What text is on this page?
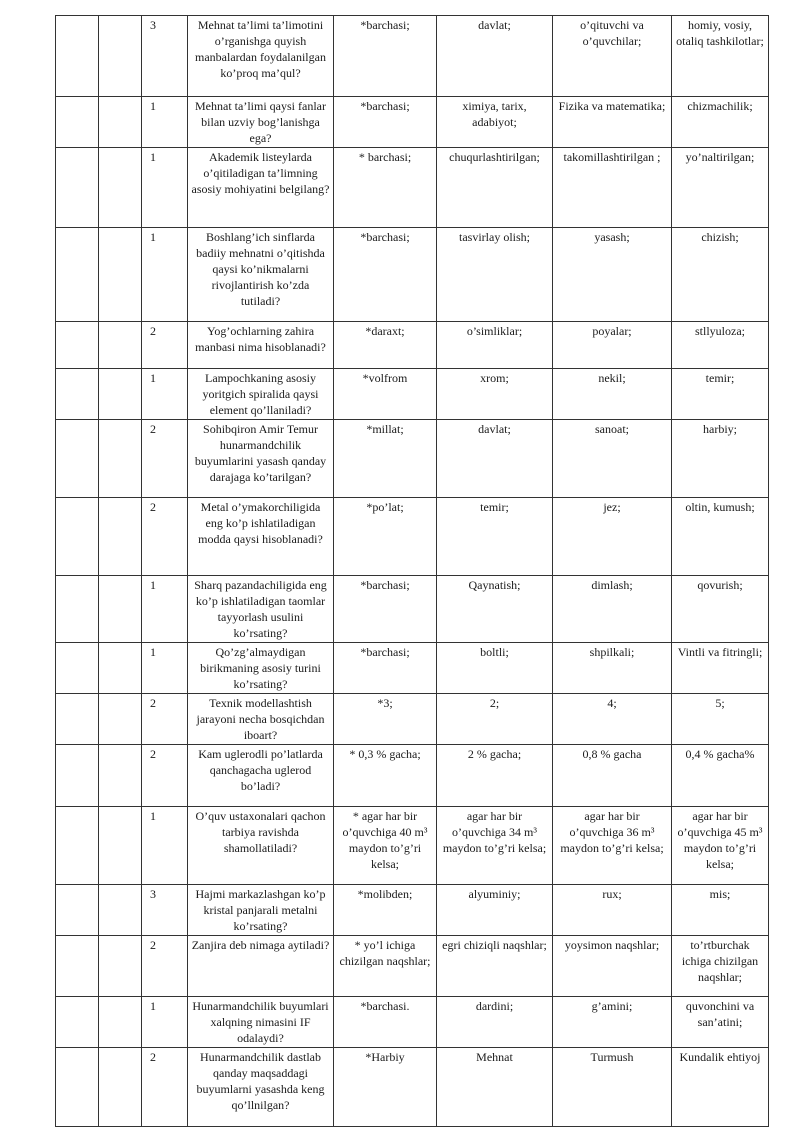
		3	Mehnat ta’limi ta’limotini o’rganishga quyish manbalardan foydalanilgan ko’proq ma’qul?	*barchasi;	davlat;	o’qituvchi va o’quvchilar;	homiy, vosiy, otaliq tashkilotlar;
		1	Mehnat ta’limi qaysi fanlar bilan uzviy bog’lanishga ega?	*barchasi;	ximiya, tarix, adabiyot;	Fizika va matematika;	chizmachilik;
		1	Akademik listeylarda o’qitiladigan ta’limning asosiy mohiyatini belgilang?	* barchasi;	chuqurlashtirilgan;	takomillashtirilgan ;	yo’naltirilgan;
		1	Boshlang’ich sinflarda badiiy mehnatni o’qitishda qaysi ko’nikmalarni rivojlantirish ko’zda tutiladi?	*barchasi;	tasvirlay olish;	yasash;	chizish;
		2	Yog’ochlarning zahira manbasi nima hisoblanadi?	*daraxt;	o’simliklar;	poyalar;	stllyuloza;
		1	Lampochkaning asosiy yoritgich spiralida qaysi element qo’llaniladi?	*volfrom	xrom;	nekil;	temir;
		2	Sohibqiron Amir Temur hunarmandchilik buyumlarini yasash qanday darajaga ko’tarilgan?	*millat;	davlat;	sanoat;	harbiy;
		2	Metal o’ymakorchiligida eng ko’p ishlatiladigan modda qaysi hisoblanadi?	*po’lat;	temir;	jez;	oltin, kumush;
		1	Sharq pazandachiligida eng ko’p ishlatiladigan taomlar tayyorlash usulini ko’rsating?	*barchasi;	Qaynatish;	dimlash;	qovurish;
		1	Qo’zg’almaydigan birikmaning asosiy turini ko’rsating?	*barchasi;	boltli;	shpilkali;	Vintli va fitringli;
		2	Texnik modellashtish jarayoni necha bosqichdan iboart?	*3;	2;	4;	5;
		2	Kam uglerodli po’latlarda qanchagacha uglerod bo’ladi?	* 0,3 % gacha;	2 % gacha;	0,8 % gacha	0,4 % gacha%
		1	O’quv ustaxonalari qachon tarbiya ravishda shamollatiladi?	* agar har bir o’quvchiga 40 m³ maydon to’g’ri kelsa;	agar har bir o’quvchiga 34 m³ maydon to’g’ri kelsa;	agar har bir o’quvchiga 36 m³ maydon to’g’ri kelsa;	agar har bir o’quvchiga 45 m³ maydon to’g’ri kelsa;
		3	Hajmi markazlashgan ko’p kristal panjarali metalni ko’rsating?	*molibden;	alyuminiy;	rux;	mis;
		2	Zanjira deb nimaga aytiladi?	* yo’l ichiga chizilgan naqshlar;	egri chiziqli naqshlar;	yoysimon naqshlar;	to’rtburchak ichiga chizilgan naqshlar;
		1	Hunarmandchilik buyumlari xalqning nimasini IF odalaydi?	*barchasi.	dardini;	g’amini;	quvonchini va san’atini;
		2	Hunarmandchilik dastlab qanday maqsaddagi buyumlarni yasashda keng qo’llnilgan?	*Harbiy	Mehnat	Turmush	Kundalik ehtiyoj
